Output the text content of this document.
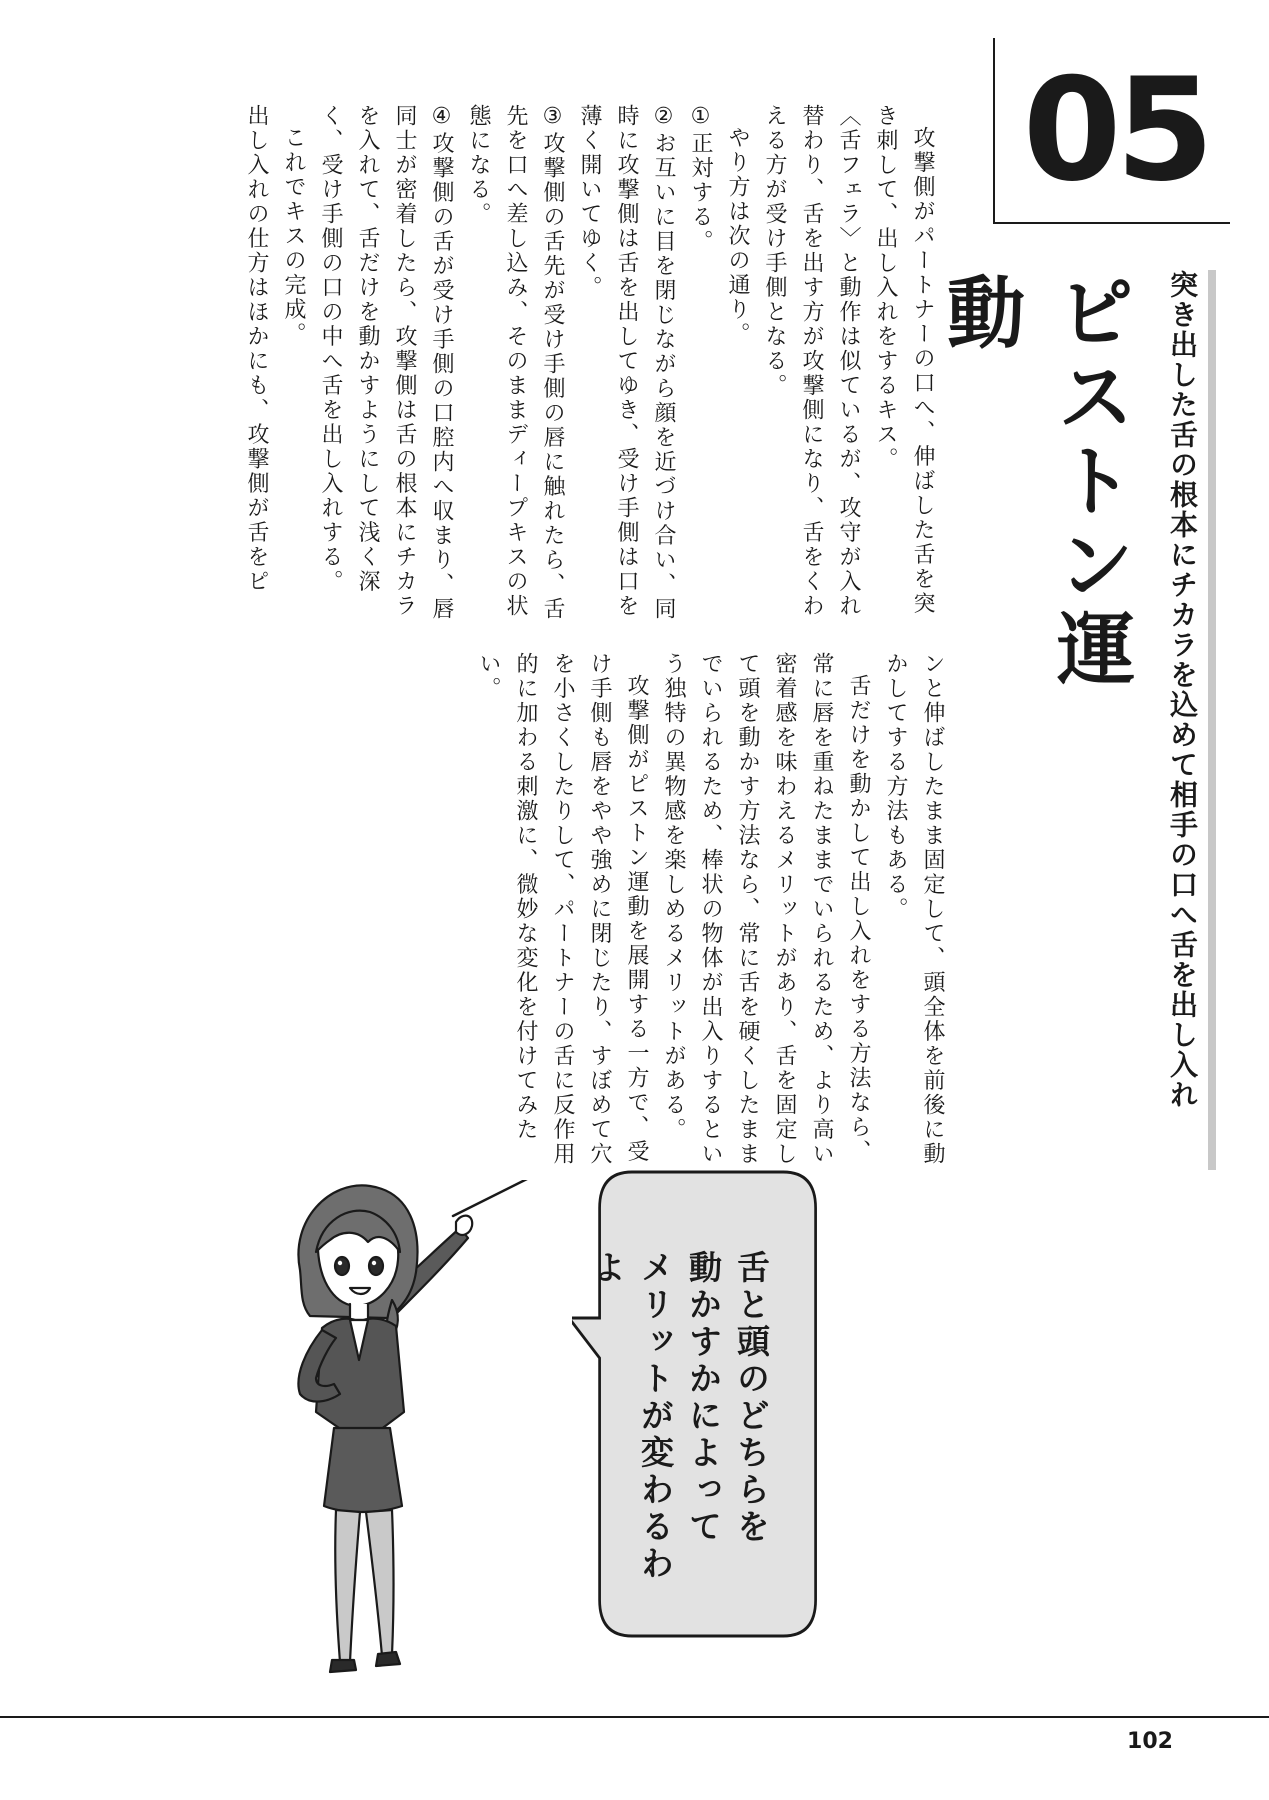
05
ピストン運動	突き出した舌の根本にチカラを込めて相手の口へ舌を出し入れ
攻撃側がパートナーの口へ、伸ばした舌を突き刺して、出し入れをするキス。
〈舌フェラ〉と動作は似ているが、攻守が入れ替わり、舌を出す方が攻撃側になり、舌をくわえる方が受け手側となる。
やり方は次の通り。
①正対する。
②お互いに目を閉じながら顔を近づけ合い、同時に攻撃側は舌を出してゆき、受け手側は口を薄く開いてゆく。
③攻撃側の舌先が受け手側の唇に触れたら、舌先を口へ差し込み、そのままディープキスの状態になる。
④攻撃側の舌が受け手側の口腔内へ収まり、唇同士が密着したら、攻撃側は舌の根本にチカラを入れて、舌だけを動かすようにして浅く深く、受け手側の口の中へ舌を出し入れする。
これでキスの完成。
出し入れの仕方はほかにも、攻撃側が舌をピ
ンと伸ばしたまま固定して、頭全体を前後に動かしてする方法もある。
舌だけを動かして出し入れをする方法なら、常に唇を重ねたままでいられるため、より高い密着感を味わえるメリットがあり、舌を固定して頭を動かす方法なら、常に舌を硬くしたままでいられるため、棒状の物体が出入りするという独特の異物感を楽しめるメリットがある。
攻撃側がピストン運動を展開する一方で、受け手側も唇をやや強めに閉じたり、すぼめて穴を小さくしたりして、パートナーの舌に反作用的に加わる刺激に、微妙な変化を付けてみたい。
舌と頭のどちらを
動かすかによって
メリットが変わるわよ
102
